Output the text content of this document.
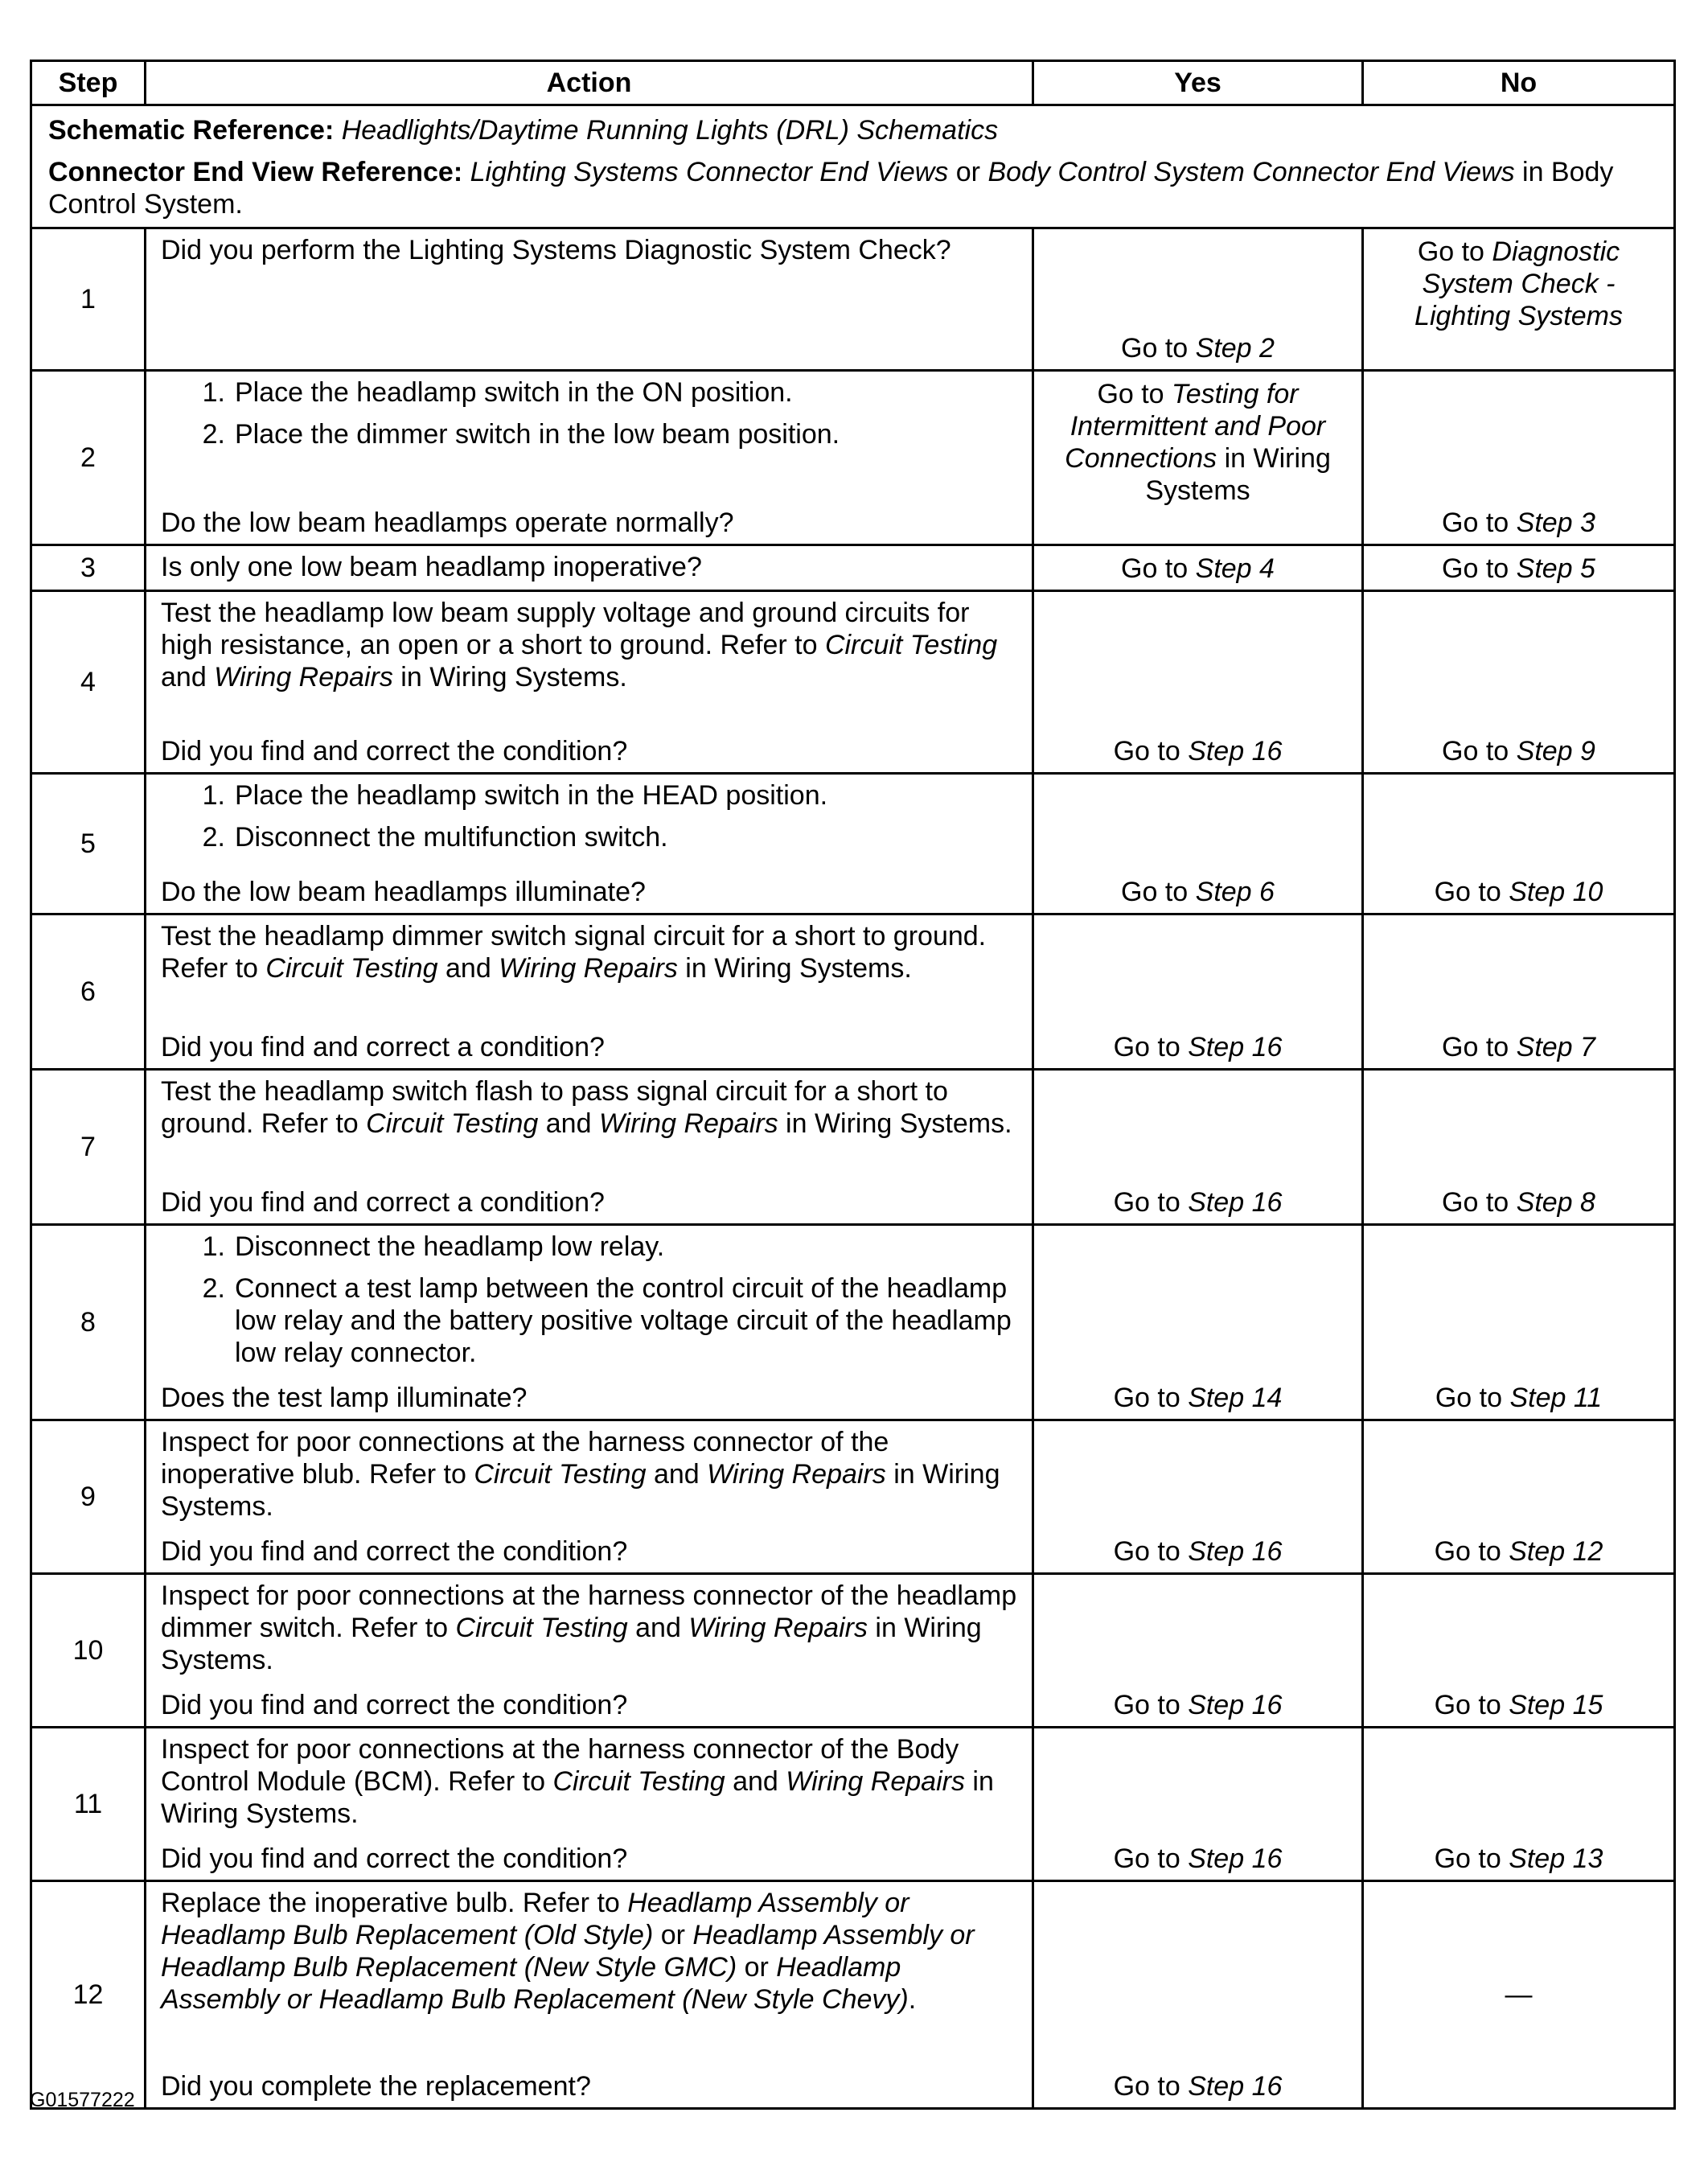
Step	Action	Yes	No

Schematic Reference: Headlights/Daytime Running Lights (DRL) Schematics

Connector End View Reference: Lighting Systems Connector End Views or Body Control System Connector End Views in Body Control System.			

1	Did you perform the Lighting Systems Diagnostic System Check?	Go to Step 2	Go to Diagnostic System Check - Lighting Systems

2	1. Place the headlamp switch in the ON position.
2. Place the dimmer switch in the low beam position.
Do the low beam headlamps operate normally?	Go to Testing for Intermittent and Poor Connections in Wiring Systems	Go to Step 3

3	Is only one low beam headlamp inoperative?	Go to Step 4	Go to Step 5

4	Test the headlamp low beam supply voltage and ground circuits for high resistance, an open or a short to ground. Refer to Circuit Testing and Wiring Repairs in Wiring Systems.
Did you find and correct the condition?	Go to Step 16	Go to Step 9

5	1. Place the headlamp switch in the HEAD position.
2. Disconnect the multifunction switch.
Do the low beam headlamps illuminate?	Go to Step 6	Go to Step 10

6	Test the headlamp dimmer switch signal circuit for a short to ground. Refer to Circuit Testing and Wiring Repairs in Wiring Systems.
Did you find and correct a condition?	Go to Step 16	Go to Step 7

7	Test the headlamp switch flash to pass signal circuit for a short to ground. Refer to Circuit Testing and Wiring Repairs in Wiring Systems.
Did you find and correct a condition?	Go to Step 16	Go to Step 8

8	1. Disconnect the headlamp low relay.
2. Connect a test lamp between the control circuit of the headlamp low relay and the battery positive voltage circuit of the headlamp low relay connector.
Does the test lamp illuminate?	Go to Step 14	Go to Step 11

9	Inspect for poor connections at the harness connector of the inoperative blub. Refer to Circuit Testing and Wiring Repairs in Wiring Systems.
Did you find and correct the condition?	Go to Step 16	Go to Step 12

10	Inspect for poor connections at the harness connector of the headlamp dimmer switch. Refer to Circuit Testing and Wiring Repairs in Wiring Systems.
Did you find and correct the condition?	Go to Step 16	Go to Step 15

11	Inspect for poor connections at the harness connector of the Body Control Module (BCM). Refer to Circuit Testing and Wiring Repairs in Wiring Systems.
Did you find and correct the condition?	Go to Step 16	Go to Step 13

12	Replace the inoperative bulb. Refer to Headlamp Assembly or Headlamp Bulb Replacement (Old Style) or Headlamp Assembly or Headlamp Bulb Replacement (New Style GMC) or Headlamp Assembly or Headlamp Bulb Replacement (New Style Chevy).
Did you complete the replacement?	Go to Step 16	—
G01577222
